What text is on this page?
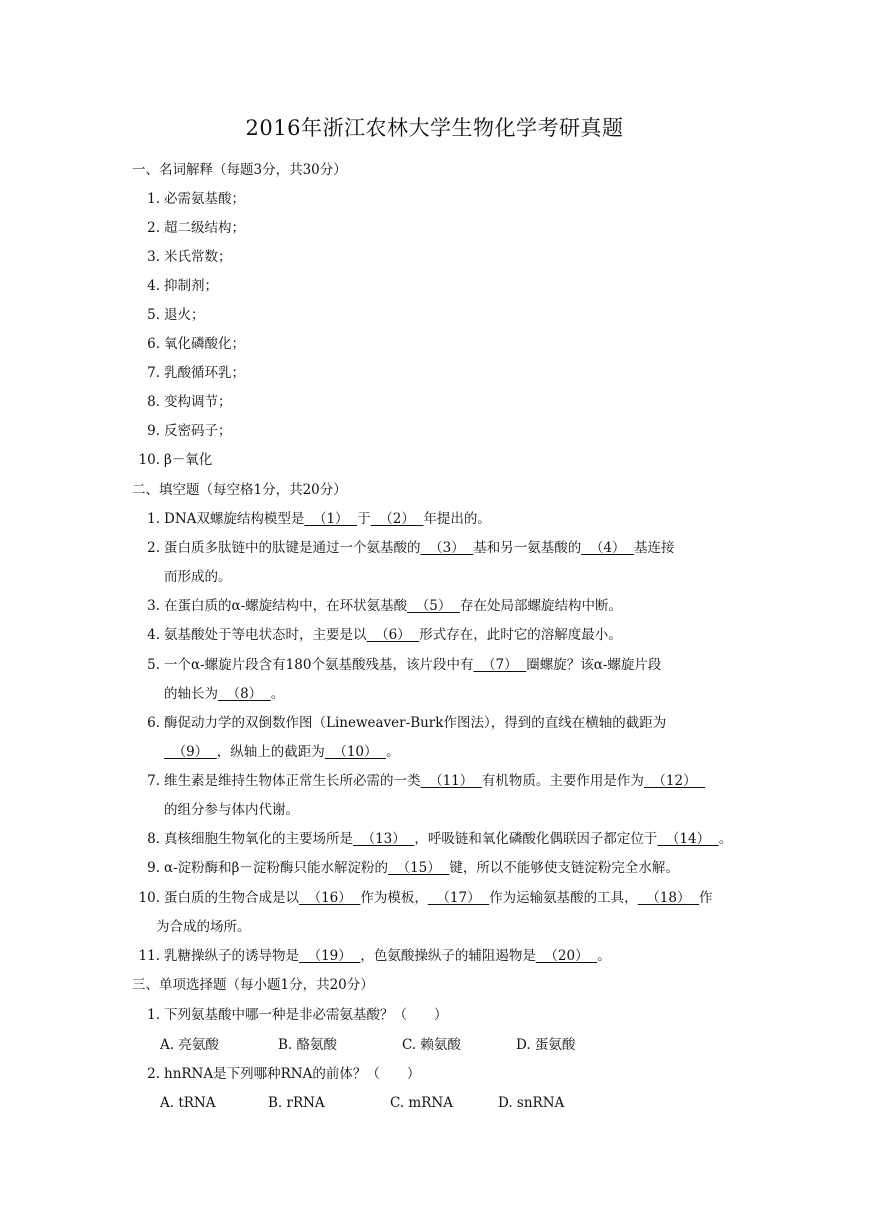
2016年浙江农林大学生物化学考研真题
一、名词解释（每题3分，共30分）
1. 必需氨基酸；
2. 超二级结构；
3. 米氏常数；
4. 抑制剂；
5. 退火；
6. 氧化磷酸化；
7. 乳酸循环乳；
8. 变构调节；
9. 反密码子；
10. β－氧化
二、填空题（每空格1分，共20分）
1. DNA双螺旋结构模型是  （1）  于  （2）  年提出的。
2. 蛋白质多肽链中的肽键是通过一个氨基酸的  （3）  基和另一氨基酸的  （4）  基连接
而形成的。
3. 在蛋白质的α-螺旋结构中，在环状氨基酸  （5）  存在处局部螺旋结构中断。
4. 氨基酸处于等电状态时，主要是以  （6）  形式存在，此时它的溶解度最小。
5. 一个α-螺旋片段含有180个氨基酸残基，该片段中有  （7）  圈螺旋？该α-螺旋片段
的轴长为  （8）  。
6. 酶促动力学的双倒数作图（Lineweaver-Burk作图法），得到的直线在横轴的截距为
（9）  ，纵轴上的截距为  （10）  。
7. 维生素是维持生物体正常生长所必需的一类  （11）  有机物质。主要作用是作为  （12）
的组分参与体内代谢。
8. 真核细胞生物氧化的主要场所是  （13）  ，呼吸链和氧化磷酸化偶联因子都定位于  （14）  。
9. α-淀粉酶和β－淀粉酶只能水解淀粉的  （15）  键，所以不能够使支链淀粉完全水解。
10. 蛋白质的生物合成是以  （16）  作为模板，  （17）  作为运输氨基酸的工具，  （18）  作
为合成的场所。
11. 乳糖操纵子的诱导物是  （19）  ，色氨酸操纵子的辅阻遏物是  （20）  。
三、单项选择题（每小题1分，共20分）
1. 下列氨基酸中哪一种是非必需氨基酸？（　　）
A. 亮氨酸	B. 酪氨酸	C. 赖氨酸	D. 蛋氨酸
2. hnRNA是下列哪种RNA的前体？（　　）
A. tRNA	B. rRNA	C. mRNA	D. snRNA
